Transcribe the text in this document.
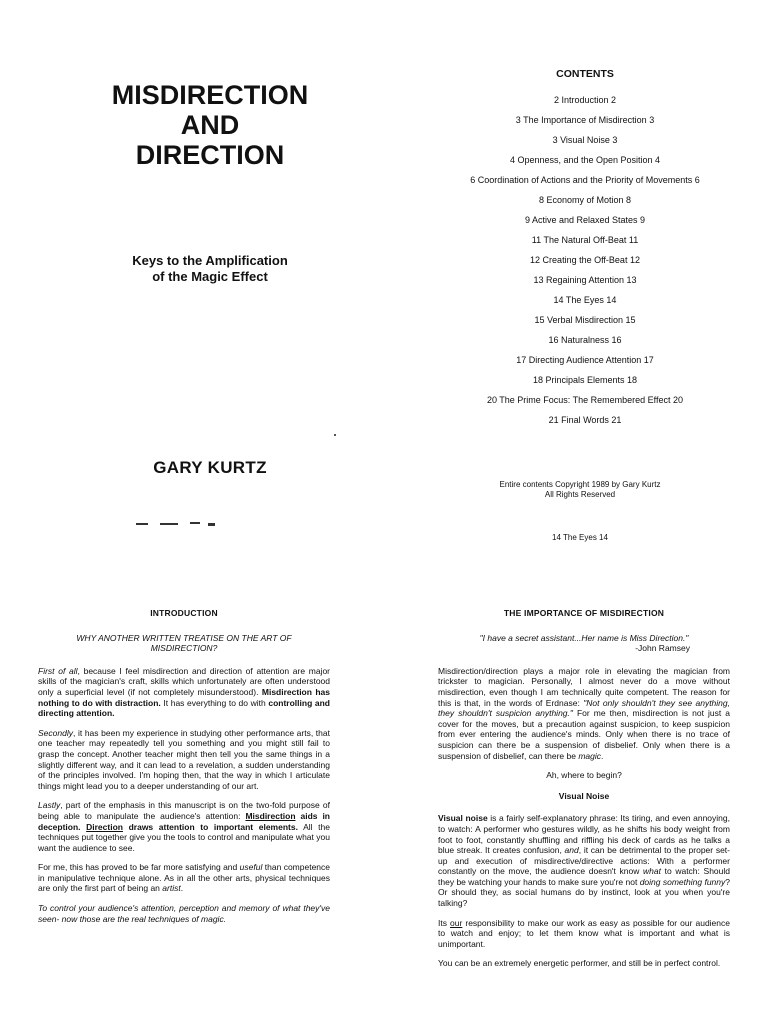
MISDIRECTION
AND
DIRECTION
Keys to the Amplification
of the Magic Effect
GARY KURTZ
CONTENTS
2 Introduction 2
3 The Importance of Misdirection 3
3 Visual Noise 3
4 Openness, and the Open Position 4
6 Coordination of Actions and the Priority of Movements 6
8 Economy of Motion 8
9 Active and Relaxed States 9
11 The Natural Off-Beat 11
12 Creating the Off-Beat 12
13 Regaining Attention 13
14 The Eyes 14
15 Verbal Misdirection 15
16 Naturalness 16
17 Directing Audience Attention 17
18 Principals Elements 18
20 The Prime Focus: The Remembered Effect 20
21 Final Words 21
Entire contents Copyright 1989 by Gary Kurtz
All Rights Reserved
14 The Eyes 14
INTRODUCTION

WHY ANOTHER WRITTEN TREATISE ON THE ART OF MISDIRECTION?

First of all, because I feel misdirection and direction of attention are major skills of the magician's craft, skills which unfortunately are often understood only a superficial level (if not completely misunderstood). Misdirection has nothing to do with distraction. It has everything to do with controlling and directing attention.

Secondly, it has been my experience in studying other performance arts, that one teacher may repeatedly tell you something and you might still fail to grasp the concept. Another teacher might then tell you the same things in a slightly different way, and it can lead to a revelation, a sudden understanding of the principles involved. I'm hoping then, that the way in which I articulate things might lead you to a deeper understanding of our art.

Lastly, part of the emphasis in this manuscript is on the two-fold purpose of being able to manipulate the audience's attention: Misdirection aids in deception. Direction draws attention to important elements. All the techniques put together give you the tools to control and manipulate what you want the audience to see.

For me, this has proved to be far more satisfying and useful than competence in manipulative technique alone. As in all the other arts, physical techniques are only the first part of being an artist.

To control your audience's attention, perception and memory of what they've seen- now those are the real techniques of magic.

THE IMPORTANCE OF MISDIRECTION
"I have a secret assistant...Her name is Miss Direction."
-John Ramsey

Misdirection/direction plays a major role in elevating the magician from trickster to magician. Personally, I almost never do a move without misdirection, even though I am technically quite competent. The reason for this is that, in the words of Erdnase: "Not only shouldn't they see anything, they shouldn't suspicion anything." For me then, misdirection is not just a cover for the moves, but a precaution against suspicion, to keep suspicion from ever entering the audience's minds. Only when there is no trace of suspicion can there be a suspension of disbelief. Only when there is a suspension of disbelief, can there be magic.

Ah, where to begin?

Visual Noise

Visual noise is a fairly self-explanatory phrase: Its tiring, and even annoying, to watch: A performer who gestures wildly, as he shifts his body weight from foot to foot, constantly shuffling and riffling his deck of cards as he talks a blue streak. It creates confusion, and, it can be detrimental to the proper set-up and execution of misdirective/directive actions: With a performer constantly on the move, the audience doesn't know what to watch: Should they be watching your hands to make sure you're not doing something funny? Or should they, as social humans do by instinct, look at you when you're talking?

Its our responsibility to make our work as easy as possible for our audience to watch and enjoy; to let them know what is important and what is unimportant.

You can be an extremely energetic performer, and still be in perfect control.
